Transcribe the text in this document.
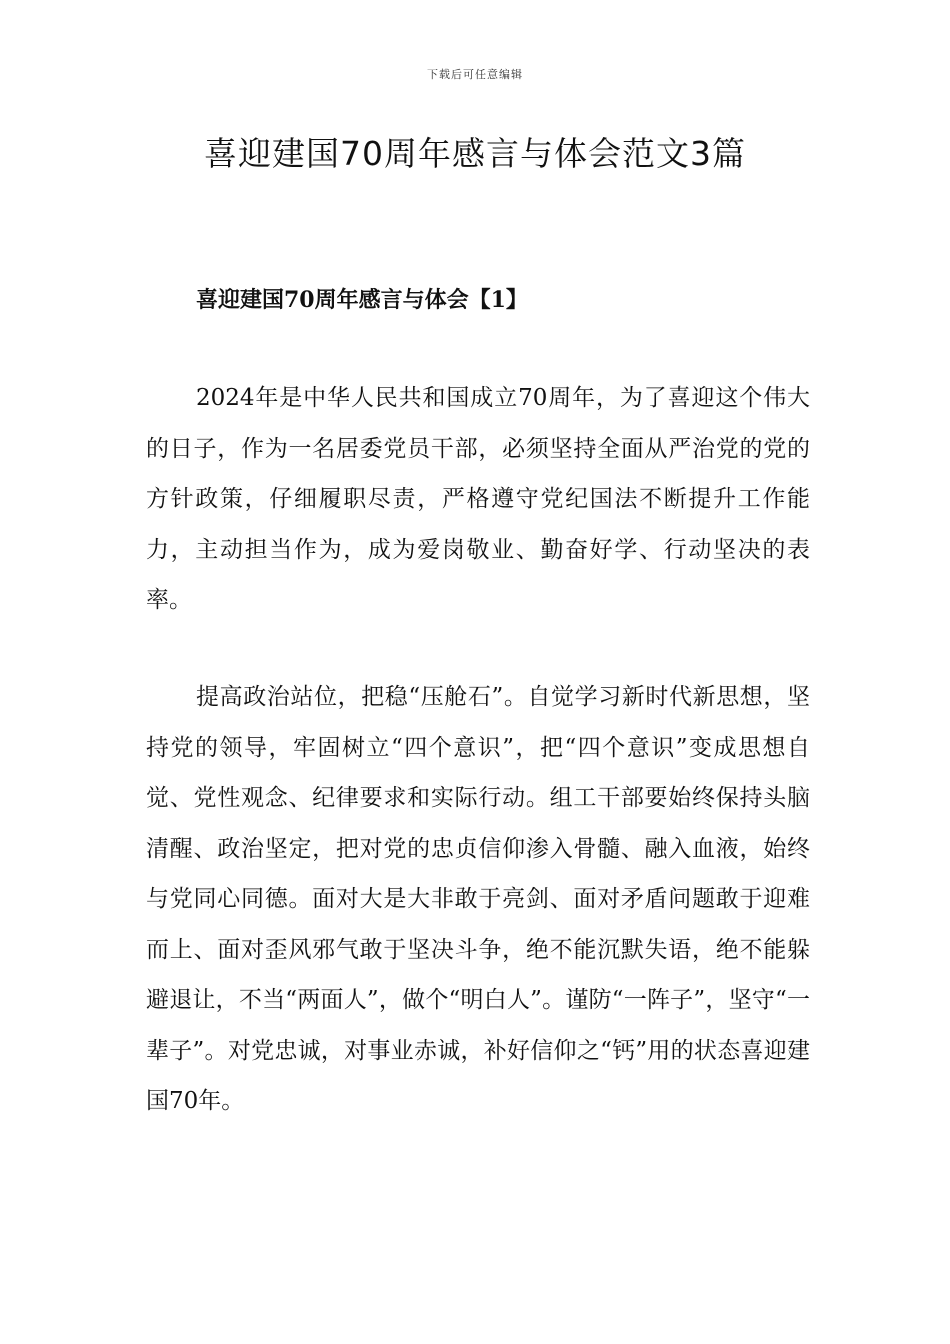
下载后可任意编辑
喜迎建国70周年感言与体会范文3篇
喜迎建国70周年感言与体会【1】

2024年是中华人民共和国成立70周年，为了喜迎这个伟大的日子，作为一名居委党员干部，必须坚持全面从严治党的党的方针政策，仔细履职尽责，严格遵守党纪国法不断提升工作能力，主动担当作为，成为爱岗敬业、勤奋好学、行动坚决的表率。

提高政治站位，把稳“压舱石”。自觉学习新时代新思想，坚持党的领导，牢固树立“四个意识”，把“四个意识”变成思想自觉、党性观念、纪律要求和实际行动。组工干部要始终保持头脑清醒、政治坚定，把对党的忠贞信仰渗入骨髓、融入血液，始终与党同心同德。面对大是大非敢于亮剑、面对矛盾问题敢于迎难而上、面对歪风邪气敢于坚决斗争，绝不能沉默失语，绝不能躲避退让，不当“两面人”，做个“明白人”。谨防“一阵子”，坚守“一辈子”。对党忠诚，对事业赤诚，补好信仰之“钙”用的状态喜迎建国70年。
